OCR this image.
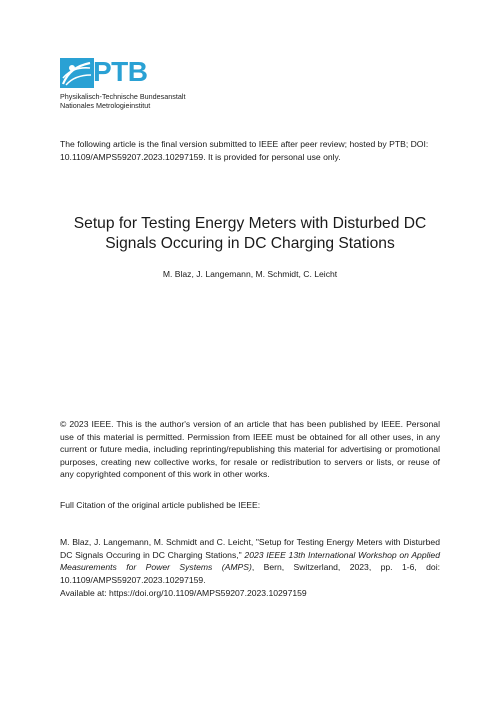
PTB
Physikalisch-Technische Bundesanstalt
Nationales Metrologieinstitut
The following article is the final version submitted to IEEE after peer review; hosted by PTB; DOI: 10.1109/AMPS59207.2023.10297159. It is provided for personal use only.
Setup for Testing Energy Meters with Disturbed DC
Signals Occuring in DC Charging Stations
M. Blaz, J. Langemann, M. Schmidt, C. Leicht
© 2023 IEEE. This is the author's version of an article that has been published by IEEE. Personal use of this material is permitted. Permission from IEEE must be obtained for all other uses, in any current or future media, including reprinting/republishing this material for advertising or promotional purposes, creating new collective works, for resale or redistribution to servers or lists, or reuse of any copyrighted component of this work in other works.
Full Citation of the original article published be IEEE:
M. Blaz, J. Langemann, M. Schmidt and C. Leicht, "Setup for Testing Energy Meters with Disturbed DC Signals Occuring in DC Charging Stations," 2023 IEEE 13th International Workshop on Applied Measurements for Power Systems (AMPS), Bern, Switzerland, 2023, pp. 1-6, doi: 10.1109/AMPS59207.2023.10297159.
Available at: https://doi.org/10.1109/AMPS59207.2023.10297159
